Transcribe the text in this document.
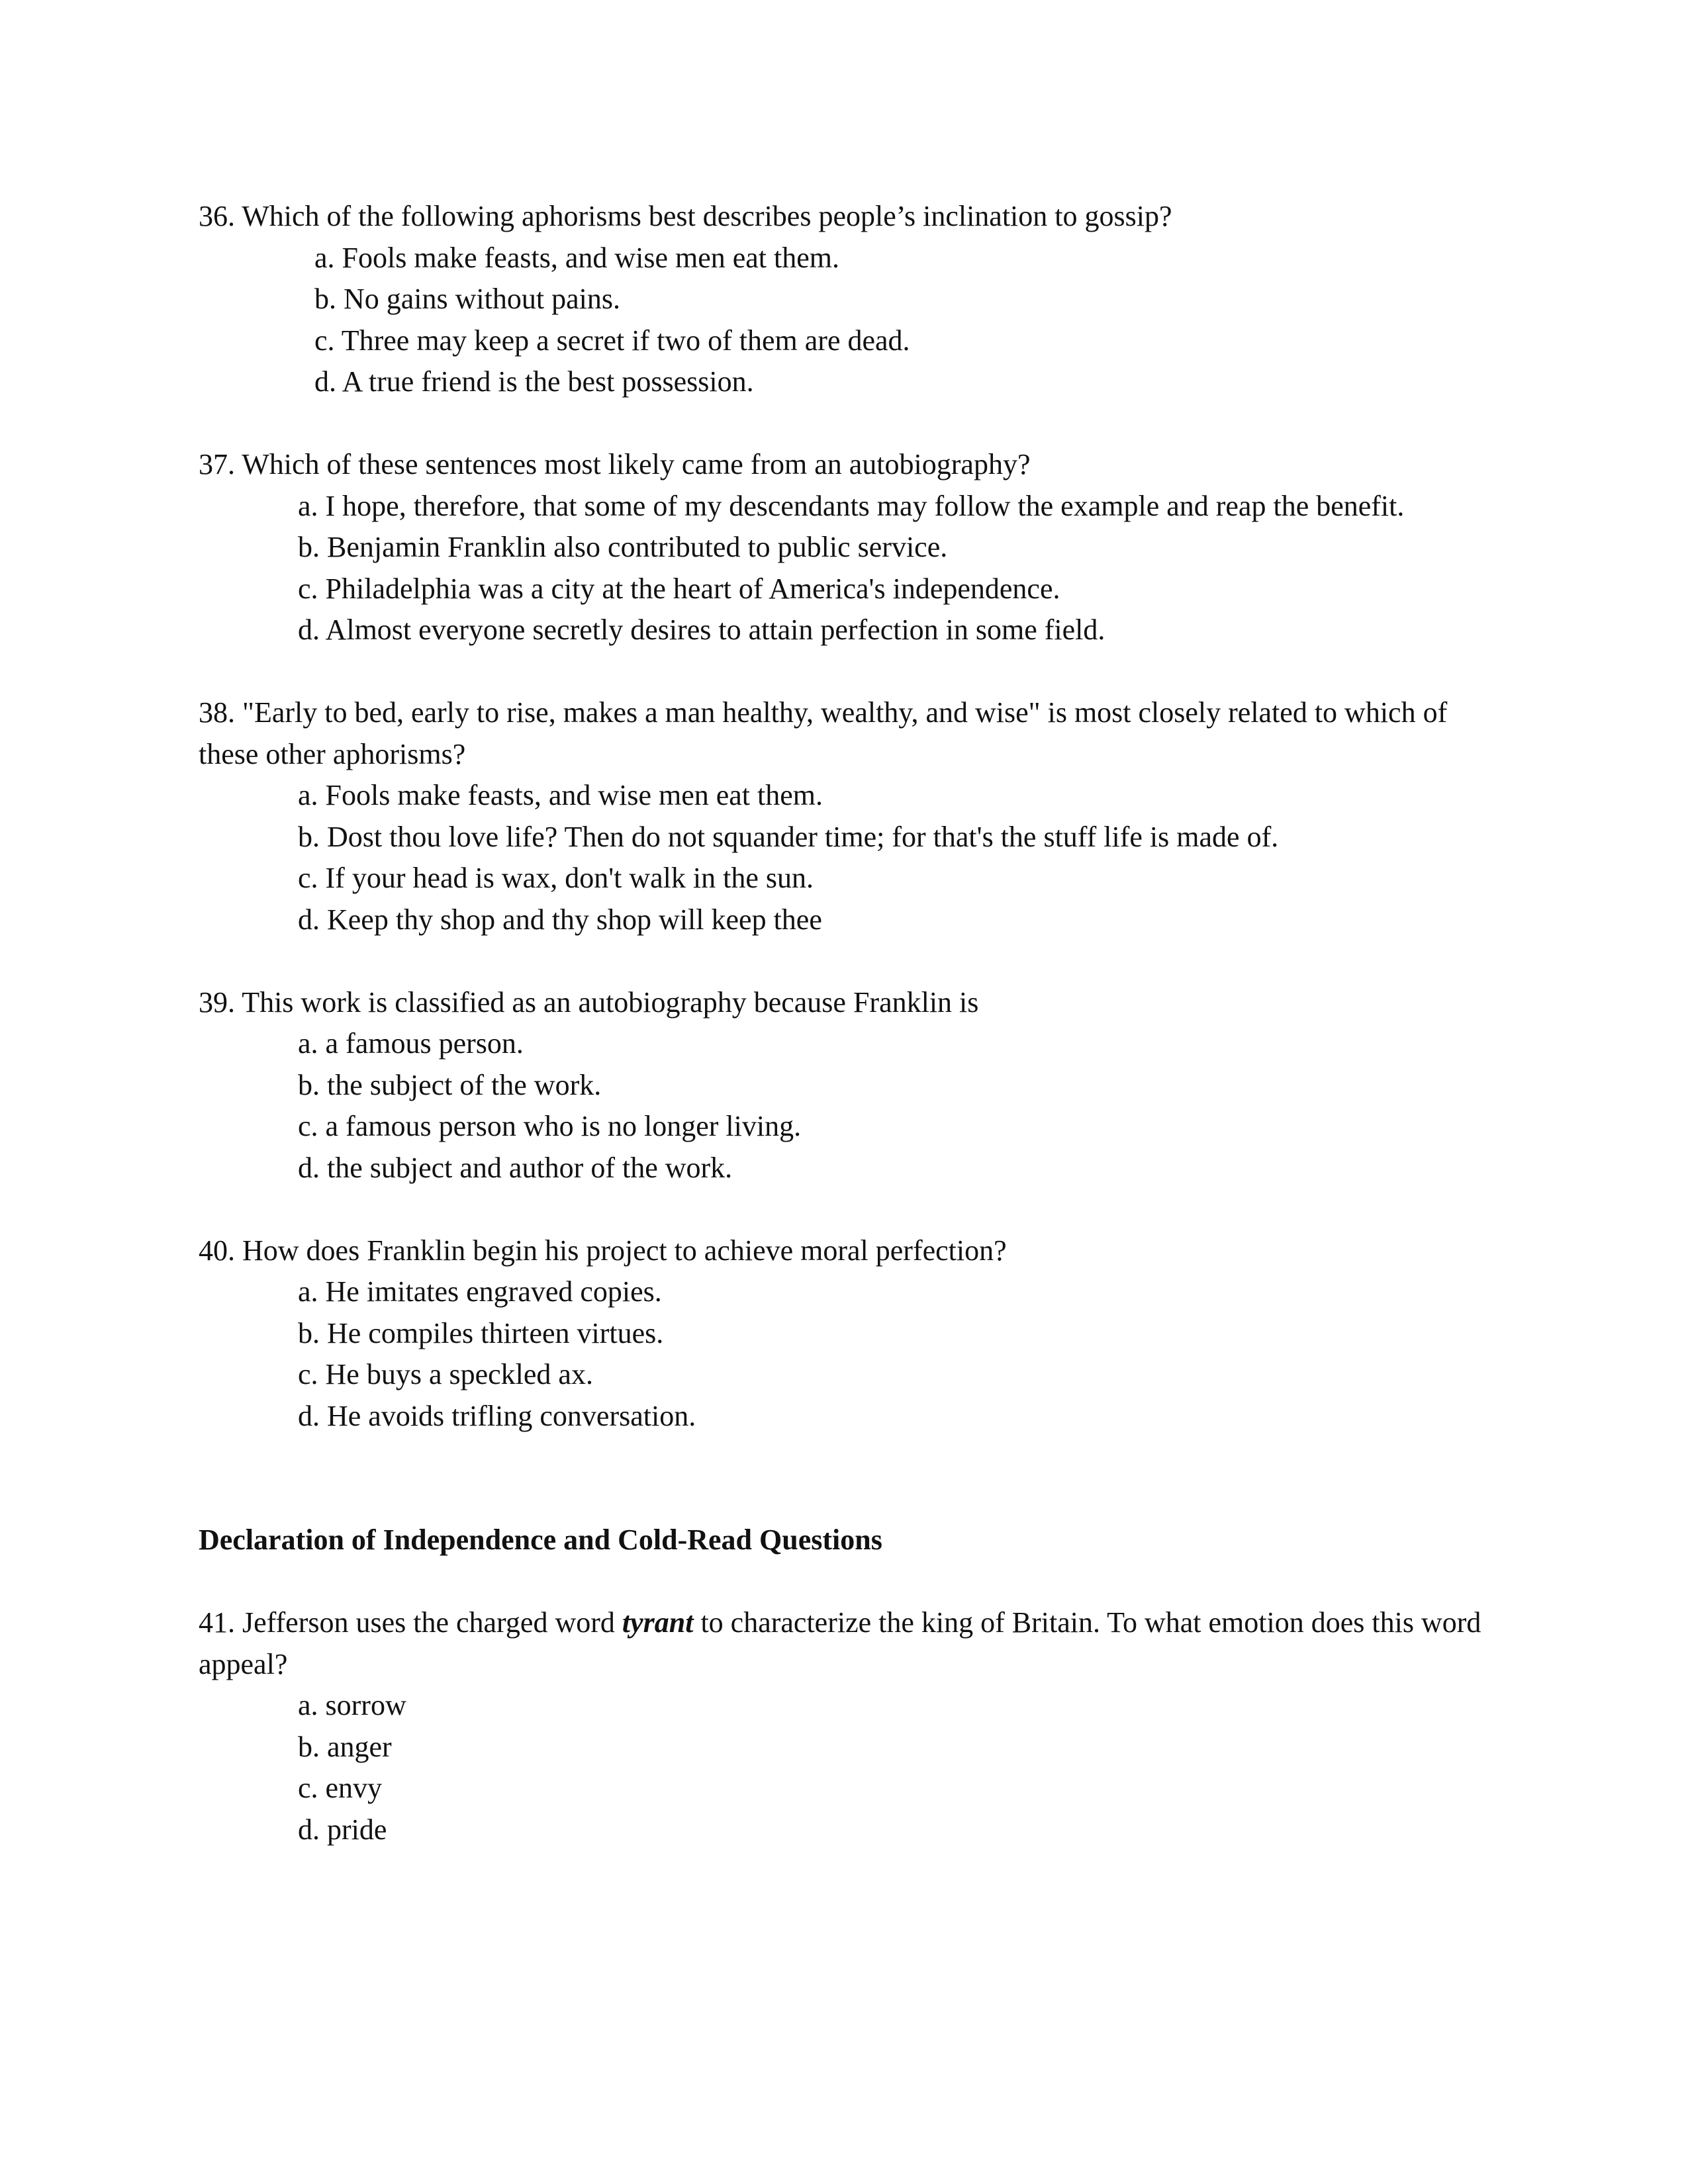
36. Which of the following aphorisms best describes people’s inclination to gossip?

a. Fools make feasts, and wise men eat them.
b. No gains without pains.
c. Three may keep a secret if two of them are dead.
d. A true friend is the best possession.

37. Which of these sentences most likely came from an autobiography?

a. I hope, therefore, that some of my descendants may follow the example and reap the benefit.
b. Benjamin Franklin also contributed to public service.
c. Philadelphia was a city at the heart of America's independence.
d. Almost everyone secretly desires to attain perfection in some field.

38. "Early to bed, early to rise, makes a man healthy, wealthy, and wise" is most closely related to which of these other aphorisms?

a. Fools make feasts, and wise men eat them.
b. Dost thou love life? Then do not squander time; for that's the stuff life is made of.
c. If your head is wax, don't walk in the sun.
d. Keep thy shop and thy shop will keep thee

39. This work is classified as an autobiography because Franklin is

a. a famous person.
b. the subject of the work.
c. a famous person who is no longer living.
d. the subject and author of the work.

40. How does Franklin begin his project to achieve moral perfection?

a. He imitates engraved copies.
b. He compiles thirteen virtues.
c. He buys a speckled ax.
d. He avoids trifling conversation.
Declaration of Independence and Cold-Read Questions

41. Jefferson uses the charged word tyrant to characterize the king of Britain. To what emotion does this word appeal?

a. sorrow
b. anger
c. envy
d. pride
